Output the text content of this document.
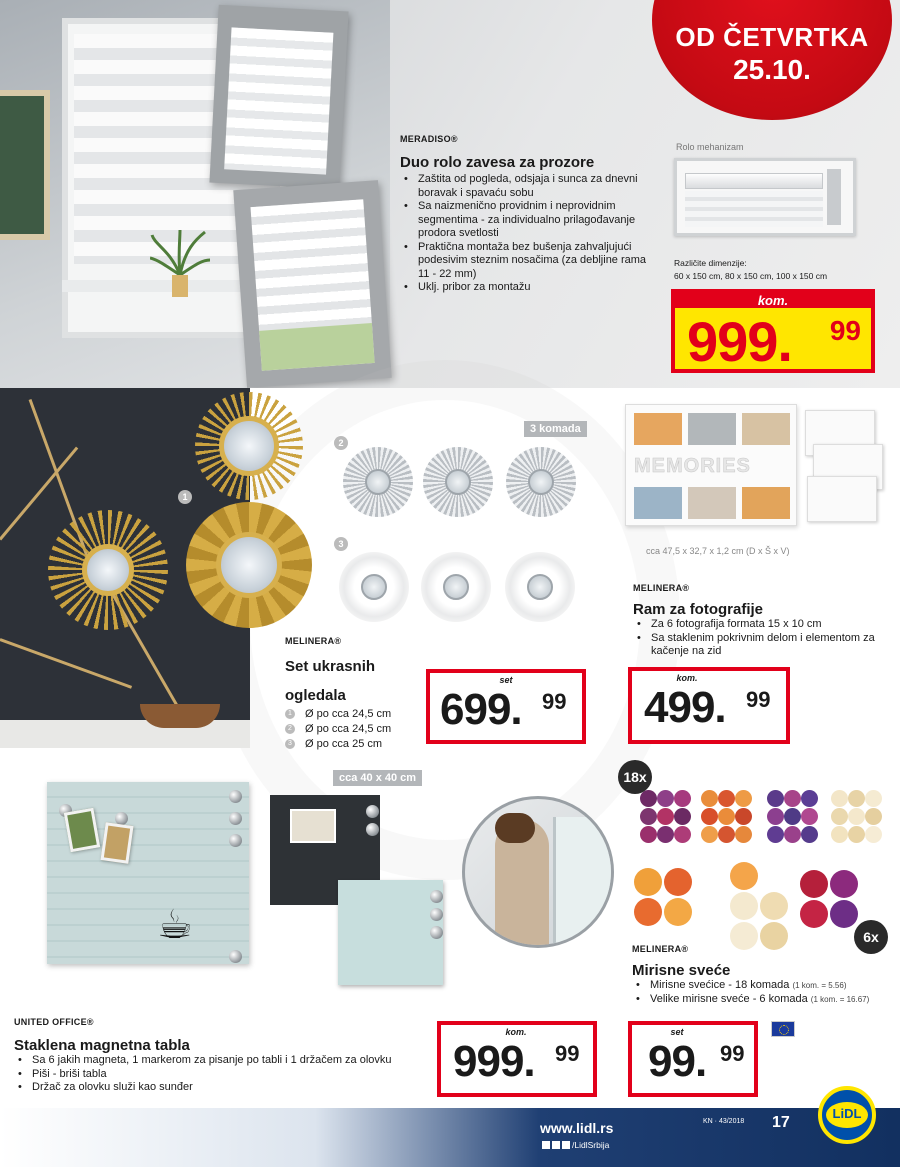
OD ČETVRTKA
25.10.
MERADISO®
Duo rolo zavesa za prozore
• Zaštita od pogleda, odsjaja i sunca za dnevni boravak i spavaću sobu
• Sa naizmenično providnim i neprovidnim segmentima - za individualno prilagođavanje prodora svetlosti
• Praktična montaža bez bušenja zahvaljujući podesivim steznim nosačima (za debljine rama 11 - 22 mm)
• Uklj. pribor za montažu
Rolo mehanizam
Različite dimenzije:
60 x 150 cm, 80 x 150 cm, 100 x 150 cm
kom.
999. 99
1
2
3
3 komada
MELINERA®
Set ukrasnih
ogledala
1 Ø po cca 24,5 cm
2 Ø po cca 24,5 cm
3 Ø po cca 25 cm
set
699. 99
MEMORIES
cca 47,5 x 32,7 x 1,2 cm (D x Š x V)
MELINERA®
Ram za fotografije
• Za 6 fotografija formata 15 x 10 cm
• Sa staklenim pokrivnim delom i elementom za kačenje na zid
kom.
499. 99
☕
cca 40 x 40 cm	18x
6x
MELINERA®
Mirisne sveće
• Mirisne svećice - 18 komada (1 kom. = 5.56)
• Velike mirisne sveće - 6 komada (1 kom. = 16.67)
UNITED OFFICE®
Staklena magnetna tabla
• Sa 6 jakih magneta, 1 markerom za pisanje po tabli i 1 držačem za olovku
• Piši - briši tabla
• Držač za olovku služi kao sunđer
kom.
999. 99
set
99. 99
www.lidl.rs
/LidlSrbija
KN · 43/2018 17
LiDL
